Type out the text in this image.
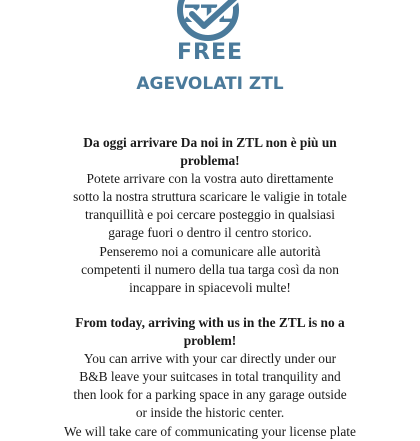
ZTL
FREE
AGEVOLATI ZTL

Da oggi arrivare Da noi in ZTL non è più un

problema!

Potete arrivare con la vostra auto direttamente

sotto la nostra struttura scaricare le valigie in totale

tranquillità e poi cercare posteggio in qualsiasi

garage fuori o dentro il centro storico.

Penseremo noi a comunicare alle autorità

competenti il numero della tua targa così da non

incappare in spiacevoli multe!

From today, arriving with us in the ZTL is no a

problem!

You can arrive with your car directly under our

B&B leave your suitcases in total tranquility and

then look for a parking space in any garage outside

or inside the historic center.

We will take care of communicating your license plate
